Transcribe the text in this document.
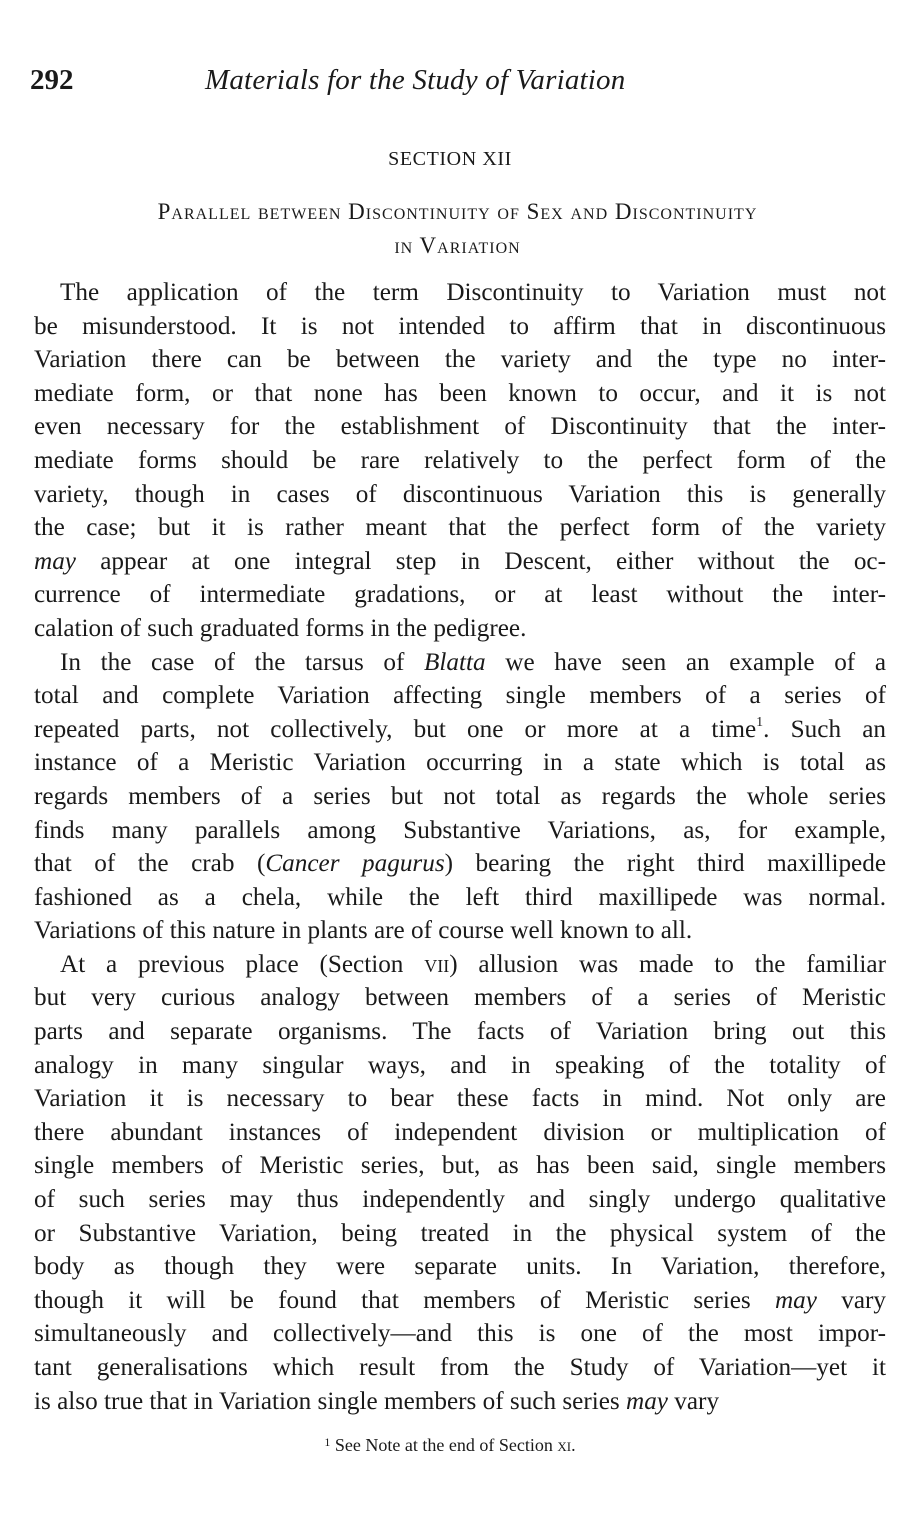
292	Materials for the Study of Variation
SECTION XII
Parallel between Discontinuity of Sex and Discontinuity
in Variation
The application of the term Discontinuity to Variation must not
be misunderstood. It is not intended to affirm that in discontinuous
Variation there can be between the variety and the type no inter-
mediate form, or that none has been known to occur, and it is not
even necessary for the establishment of Discontinuity that the inter-
mediate forms should be rare relatively to the perfect form of the
variety, though in cases of discontinuous Variation this is generally
the case; but it is rather meant that the perfect form of the variety
may appear at one integral step in Descent, either without the oc-
currence of intermediate gradations, or at least without the inter-
calation of such graduated forms in the pedigree.
In the case of the tarsus of Blatta we have seen an example of a
total and complete Variation affecting single members of a series of
repeated parts, not collectively, but one or more at a time$^1$. Such an
instance of a Meristic Variation occurring in a state which is total as
regards members of a series but not total as regards the whole series
finds many parallels among Substantive Variations, as, for example,
that of the crab (Cancer pagurus) bearing the right third maxillipede
fashioned as a chela, while the left third maxillipede was normal.
Variations of this nature in plants are of course well known to all.
At a previous place (Section vii) allusion was made to the familiar
but very curious analogy between members of a series of Meristic
parts and separate organisms. The facts of Variation bring out this
analogy in many singular ways, and in speaking of the totality of
Variation it is necessary to bear these facts in mind. Not only are
there abundant instances of independent division or multiplication of
single members of Meristic series, but, as has been said, single members
of such series may thus independently and singly undergo qualitative
or Substantive Variation, being treated in the physical system of the
body as though they were separate units. In Variation, therefore,
though it will be found that members of Meristic series may vary
simultaneously and collectively—and this is one of the most impor-
tant generalisations which result from the Study of Variation—yet it
is also true that in Variation single members of such series may vary
$^1$ See Note at the end of Section xi.
